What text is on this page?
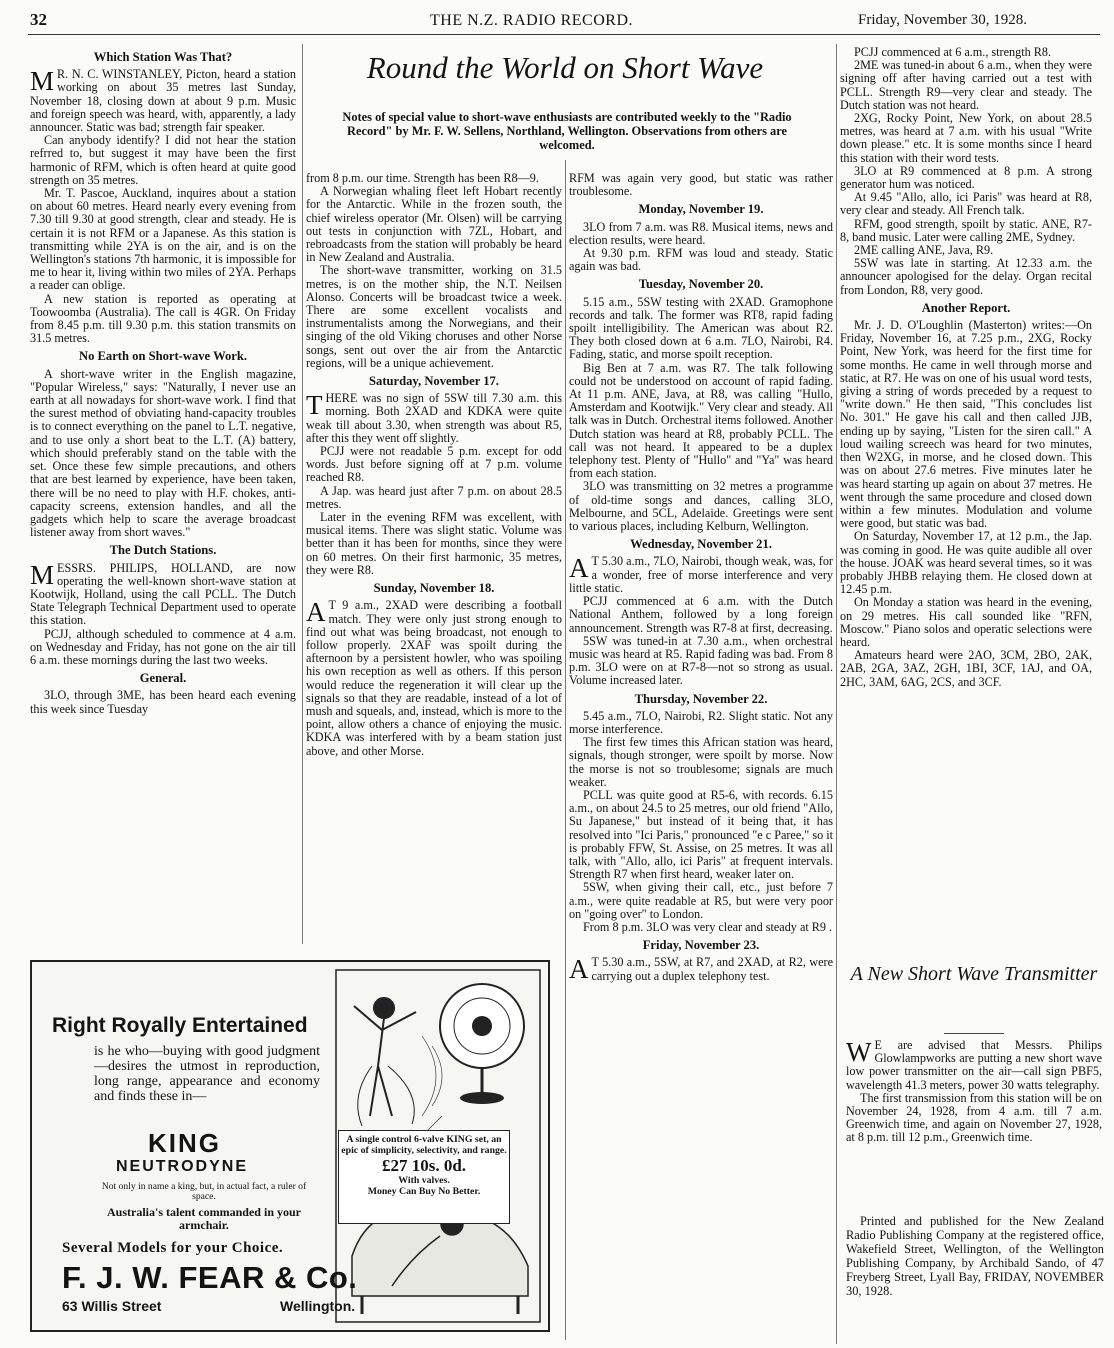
32	THE N.Z. RADIO RECORD.	Friday, November 30, 1928.
Round the World on Short Wave
Notes of special value to short-wave enthusiasts are contributed weekly to the "Radio Record" by Mr. F. W. Sellens, Northland, Wellington. Observations from others are welcomed.
Which Station Was That?

M R. N. C. WINSTANLEY, Picton, heard a station working on about 35 metres last Sunday, November 18, closing down at about 9 p.m. Music and foreign speech was heard, with, apparently, a lady announcer. Static was bad; strength fair speaker.

Can anybody identify? I did not hear the station refrred to, but suggest it may have been the first harmonic of RFM, which is often heard at quite good strength on 35 metres.

Mr. T. Pascoe, Auckland, inquires about a station on about 60 metres. Heard nearly every evening from 7.30 till 9.30 at good strength, clear and steady. He is certain it is not RFM or a Japanese. As this station is transmitting while 2YA is on the air, and is on the Wellington's stations 7th harmonic, it is impossible for me to hear it, living within two miles of 2YA. Perhaps a reader can oblige.

A new station is reported as operating at Toowoomba (Australia). The call is 4GR. On Friday from 8.45 p.m. till 9.30 p.m. this station transmits on 31.5 metres.

No Earth on Short-wave Work.

A short-wave writer in the English magazine, "Popular Wireless," says: "Naturally, I never use an earth at all nowadays for short-wave work. I find that the surest method of obviating hand-capacity troubles is to connect everything on the panel to L.T. negative, and to use only a short beat to the L.T. (A) battery, which should preferably stand on the table with the set. Once these few simple precautions, and others that are best learned by experience, have been taken, there will be no need to play with H.F. chokes, anti-capacity screens, extension handles, and all the gadgets which help to scare the average broadcast listener away from short waves."

The Dutch Stations.

MESSRS. PHILIPS, HOLLAND, are now operating the well-known short-wave station at Kootwijk, Holland, using the call PCLL. The Dutch State Telegraph Technical Department used to operate this station.

PCJJ, although scheduled to commence at 4 a.m. on Wednesday and Friday, has not gone on the air till 6 a.m. these mornings during the last two weeks.

General.

3LO, through 3ME, has been heard each evening this week since Tuesday

from 8 p.m. our time. Strength has been R8—9.

A Norwegian whaling fleet left Hobart recently for the Antarctic. While in the frozen south, the chief wireless operator (Mr. Olsen) will be carrying out tests in conjunction with 7ZL, Hobart, and rebroadcasts from the station will probably be heard in New Zealand and Australia.

The short-wave transmitter, working on 31.5 metres, is on the mother ship, the N.T. Neilsen Alonso. Concerts will be broadcast twice a week. There are some excellent vocalists and instrumentalists among the Norwegians, and their singing of the old Viking choruses and other Norse songs, sent out over the air from the Antarctic regions, will be a unique achievement.

Saturday, November 17.

THERE was no sign of 5SW till 7.30 a.m. this morning. Both 2XAD and KDKA were quite weak till about 3.30, when strength was about R5, after this they went off slightly.

PCJJ were not readable 5 p.m. except for odd words. Just before signing off at 7 p.m. volume reached R8.

A Jap. was heard just after 7 p.m. on about 28.5 metres.

Later in the evening RFM was excellent, with musical items. There was slight static. Volume was better than it has been for months, since they were on 60 metres. On their first harmonic, 35 metres, they were R8.

Sunday, November 18.

A T 9 a.m., 2XAD were describing a football match. They were only just strong enough to find out what was being broadcast, not enough to follow properly. 2XAF was spoilt during the afternoon by a persistent howler, who was spoiling his own reception as well as others. If this person would reduce the regeneration it will clear up the signals so that they are readable, instead of a lot of mush and squeals, and, instead, which is more to the point, allow others a chance of enjoying the music. KDKA was interfered with by a beam station just above, and other Morse.

RFM was again very good, but static was rather troublesome.

Monday, November 19.

3LO from 7 a.m. was R8. Musical items, news and election results, were heard.

At 9.30 p.m. RFM was loud and steady. Static again was bad.

Tuesday, November 20.

5.15 a.m., 5SW testing with 2XAD. Gramophone records and talk. The former was RT8, rapid fading spoilt intelligibility. The American was about R2. They both closed down at 6 a.m. 7LO, Nairobi, R4. Fading, static, and morse spoilt reception.

Big Ben at 7 a.m. was R7. The talk following could not be understood on account of rapid fading. At 11 p.m. ANE, Java, at R8, was calling "Hullo, Amsterdam and Kootwijk." Very clear and steady. All talk was in Dutch. Orchestral items followed. Another Dutch station was heard at R8, probably PCLL. The call was not heard. It appeared to be a duplex telephony test. Plenty of "Hullo" and "Ya" was heard from each station.

3LO was transmitting on 32 metres a programme of old-time songs and dances, calling 3LO, Melbourne, and 5CL, Adelaide. Greetings were sent to various places, including Kelburn, Wellington.

Wednesday, November 21.

A T 5.30 a.m., 7LO, Nairobi, though weak, was, for a wonder, free of morse interference and very little static.

PCJJ commenced at 6 a.m. with the Dutch National Anthem, followed by a long foreign announcement. Strength was R7-8 at first, decreasing.

5SW was tuned-in at 7.30 a.m., when orchestral music was heard at R5. Rapid fading was bad. From 8 p.m. 3LO were on at R7-8—not so strong as usual. Volume increased later.

Thursday, November 22.

5.45 a.m., 7LO, Nairobi, R2. Slight static. Not any morse interference.

The first few times this African station was heard, signals, though stronger, were spoilt by morse. Now the morse is not so troublesome; signals are much weaker.

PCLL was quite good at R5-6, with records. 6.15 a.m., on about 24.5 to 25 metres, our old friend "Allo, Su Japanese," but instead of it being that, it has resolved into "Ici Paris," pronounced "e c Paree," so it is probably FFW, St. Assise, on 25 metres. It was all talk, with "Allo, allo, ici Paris" at frequent intervals. Strength R7 when first heard, weaker later on.

5SW, when giving their call, etc., just before 7 a.m., were quite readable at R5, but were very poor on "going over" to London.

From 8 p.m. 3LO was very clear and steady at R9 .

Friday, November 23.

A T 5.30 a.m., 5SW, at R7, and 2XAD, at R2, were carrying out a duplex telephony test.

PCJJ commenced at 6 a.m., strength R8.

2ME was tuned-in about 6 a.m., when they were signing off after having carried out a test with PCLL. Strength R9—very clear and steady. The Dutch station was not heard.

2XG, Rocky Point, New York, on about 28.5 metres, was heard at 7 a.m. with his usual "Write down please." etc. It is some months since I heard this station with their word tests.

3LO at R9 commenced at 8 p.m. A strong generator hum was noticed.

At 9.45 "Allo, allo, ici Paris" was heard at R8, very clear and steady. All French talk.

RFM, good strength, spoilt by static. ANE, R7-8, band music. Later were calling 2ME, Sydney.

2ME calling ANE, Java, R9.

5SW was late in starting. At 12.33 a.m. the announcer apologised for the delay. Organ recital from London, R8, very good.

Another Report.

Mr. J. D. O'Loughlin (Masterton) writes:—On Friday, November 16, at 7.25 p.m., 2XG, Rocky Point, New York, was heerd for the first time for some months. He came in well through morse and static, at R7. He was on one of his usual word tests, giving a string of words preceded by a request to "write down." He then said, "This concludes list No. 301." He gave his call and then called JJB, ending up by saying, "Listen for the siren call." A loud wailing screech was heard for two minutes, then W2XG, in morse, and he closed down. This was on about 27.6 metres. Five minutes later he was heard starting up again on about 37 metres. He went through the same procedure and closed down within a few minutes. Modulation and volume were good, but static was bad.

On Saturday, November 17, at 12 p.m., the Jap. was coming in good. He was quite audible all over the house. JOAK was heard several times, so it was probably JHBB relaying them. He closed down at 12.45 p.m.

On Monday a station was heard in the evening, on 29 metres. His call sounded like "RFN, Moscow." Piano solos and operatic selections were heard.

Amateurs heard were 2AO, 3CM, 2BO, 2AK, 2AB, 2GA, 3AZ, 2GH, 1BI, 3CF, 1AJ, and OA, 2HC, 3AM, 6AG, 2CS, and 3CF.

A New Short Wave Transmitter

W E are advised that Messrs. Philips Glowlampworks are putting a new short wave low power transmitter on the air—call sign PBF5, wavelength 41.3 meters, power 30 watts telegraphy.

The first transmission from this station will be on November 24, 1928, from 4 a.m. till 7 a.m. Greenwich time, and again on November 27, 1928, at 8 p.m. till 12 p.m., Greenwich time.

Printed and published for the New Zealand Radio Publishing Company at the registered office, Wakefield Street, Wellington, of the Wellington Publishing Company, by Archibald Sando, of 47 Freyberg Street, Lyall Bay, FRIDAY, NOVEMBER 30, 1928.

Right Royally Entertained
is he who—buying with good judgment—desires the utmost in reproduction, long range, appearance and economy and finds these in—
KING
NEUTRODYNE
Not only in name a king, but, in actual fact, a ruler of space.
Australia's talent commanded in your armchair.
Several Models for your Choice.
F. J. W. FEAR & Co.
63 Willis Street	Wellington.
A single control 6-valve KING set, an epic of simplicity, selectivity, and range.
£27 10s. 0d.
With valves.
Money Can Buy No Better.
